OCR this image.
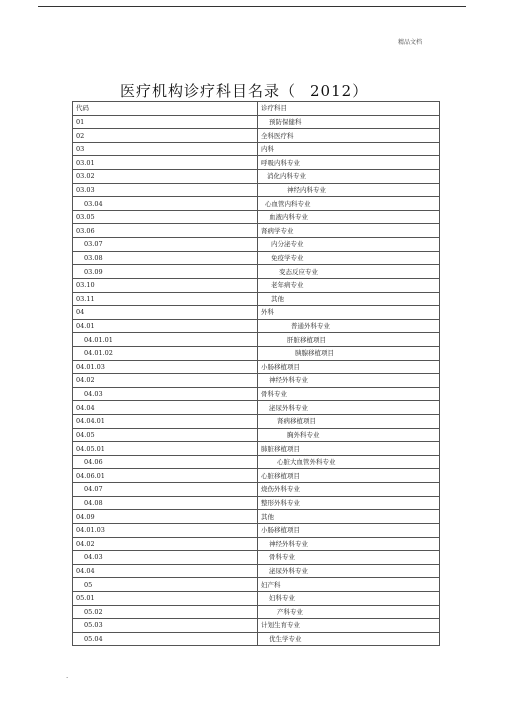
精品文档
医疗机构诊疗科目名录（ 2012）
代码	诊疗科目
01	预防保健科
02	全科医疗科
03	内科
03.01	呼吸内科专业
03.02	消化内科专业
03.03	神经内科专业
03.04	心血管内科专业
03.05	血液内科专业
03.06	肾病学专业
03.07	内分泌专业
03.08	免疫学专业
03.09	变态反应专业
03.10	老年病专业
03.11	其他
04	外科
04.01	普通外科专业
04.01.01	肝脏移植项目
04.01.02	胰腺移植项目
04.01.03	小肠移植项目
04.02	神经外科专业
04.03	骨科专业
04.04	泌尿外科专业
04.04.01	肾病移植项目
04.05	胸外科专业
04.05.01	肺脏移植项目
04.06	心脏大血管外科专业
04.06.01	心脏移植项目
04.07	烧伤外科专业
04.08	整形外科专业
04.09	其他
04.01.03	小肠移植项目
04.02	神经外科专业
04.03	骨科专业
04.04	泌尿外科专业
05	妇产科
05.01	妇科专业
05.02	产科专业
05.03	计划生育专业
05.04	优生学专业
.
